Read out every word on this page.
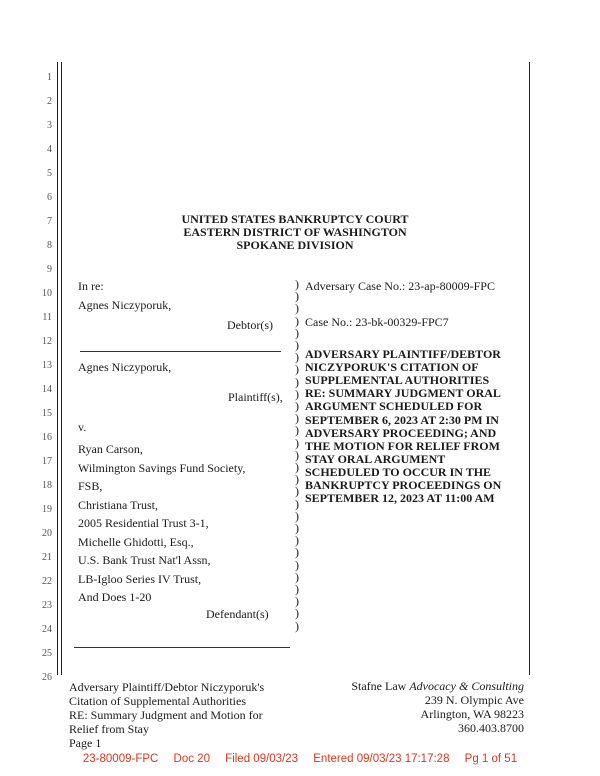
1
2
3
4
5
6
7
8
9
10
11
12
13
14
15
16
17
18
19
20
21
22
23
24
25
26
UNITED STATES BANKRUPTCY COURT
EASTERN DISTRICT OF WASHINGTON
SPOKANE DIVISION
In re:
Agnes Niczyporuk,
Debtor(s)
Agnes Niczyporuk,
Plaintiff(s),
v.
Ryan Carson,
Wilmington Savings Fund Society,
FSB,
Christiana Trust,
2005 Residential Trust 3-1,
Michelle Ghidotti, Esq.,
U.S. Bank Trust Nat'l Assn,
LB-Igloo Series IV Trust,
And Does 1-20
Defendant(s)
)
)
)
)
)
)
)
)
)
)
)
)
)
)
)
)
)
)
)
)
)
)
)
)
)
)
)
)
)
Adversary Case No.: 23-ap-80009-FPC
Case No.: 23-bk-00329-FPC7
ADVERSARY PLAINTIFF/DEBTOR
NICZYPORUK'S CITATION OF
SUPPLEMENTAL AUTHORITIES
RE: SUMMARY JUDGMENT ORAL
ARGUMENT SCHEDULED FOR
SEPTEMBER 6, 2023 AT 2:30 PM IN
ADVERSARY PROCEEDING; AND
THE MOTION FOR RELIEF FROM
STAY ORAL ARGUMENT
SCHEDULED TO OCCUR IN THE
BANKRUPTCY PROCEEDINGS ON
SEPTEMBER 12, 2023 AT 11:00 AM
Adversary Plaintiff/Debtor Niczyporuk's
Citation of Supplemental Authorities
RE: Summary Judgment and Motion for
Relief from Stay
Page 1
Stafne Law Advocacy & Consulting
239 N. Olympic Ave
Arlington, WA 98223
360.403.8700
23-80009-FPC Doc 20 Filed 09/03/23 Entered 09/03/23 17:17:28 Pg 1 of 51
